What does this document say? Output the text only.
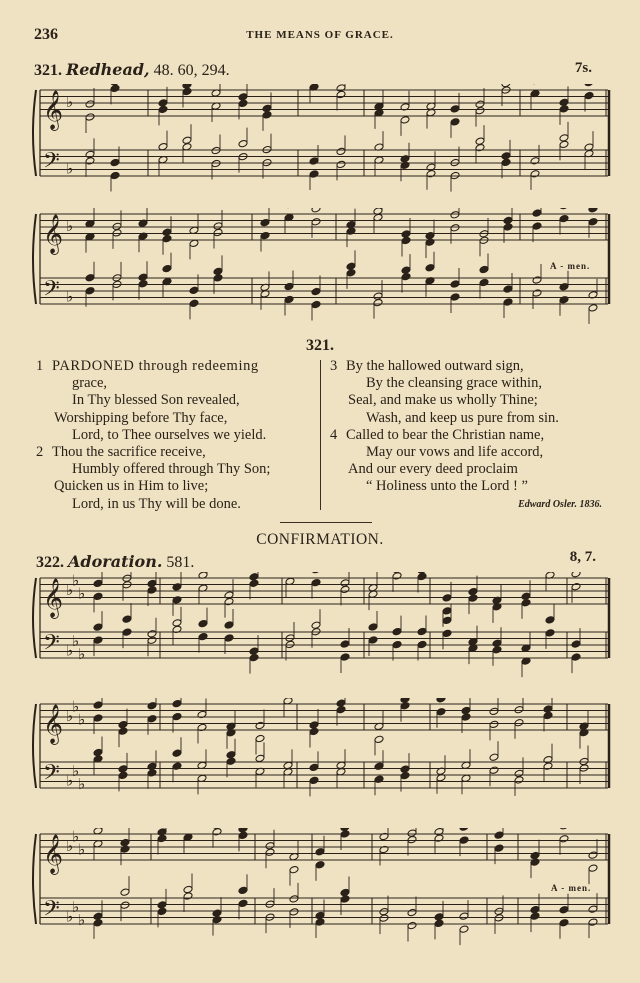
236	THE MEANS OF GRACE.
321. Redhead, 48. 60, 294.	7s.
𝄞
𝄢
♭
♭
𝄞
𝄢
♭
♭
A - men.
321.
1 PARDONED through redeeming
grace,
In Thy blessed Son revealed,
Worshipping before Thy face,
Lord, to Thee ourselves we yield.
2 Thou the sacrifice receive,
Humbly offered through Thy Son;
Quicken us in Him to live;
Lord, in us Thy will be done.
3 By the hallowed outward sign,
By the cleansing grace within,
Seal, and make us wholly Thine;
Wash, and keep us pure from sin.
4 Called to bear the Christian name,
May our vows and life accord,
And our every deed proclaim
“ Holiness unto the Lord ! ”
Edward Osler. 1836.
CONFIRMATION.
322. Adoration. 581.	8, 7.
𝄞
𝄢
♭
♭
♭
♭
♭
♭
𝄞
𝄢
♭
♭
♭
♭
♭
♭
𝄞
𝄢
♭
♭
♭
♭
♭
♭
A - men.
